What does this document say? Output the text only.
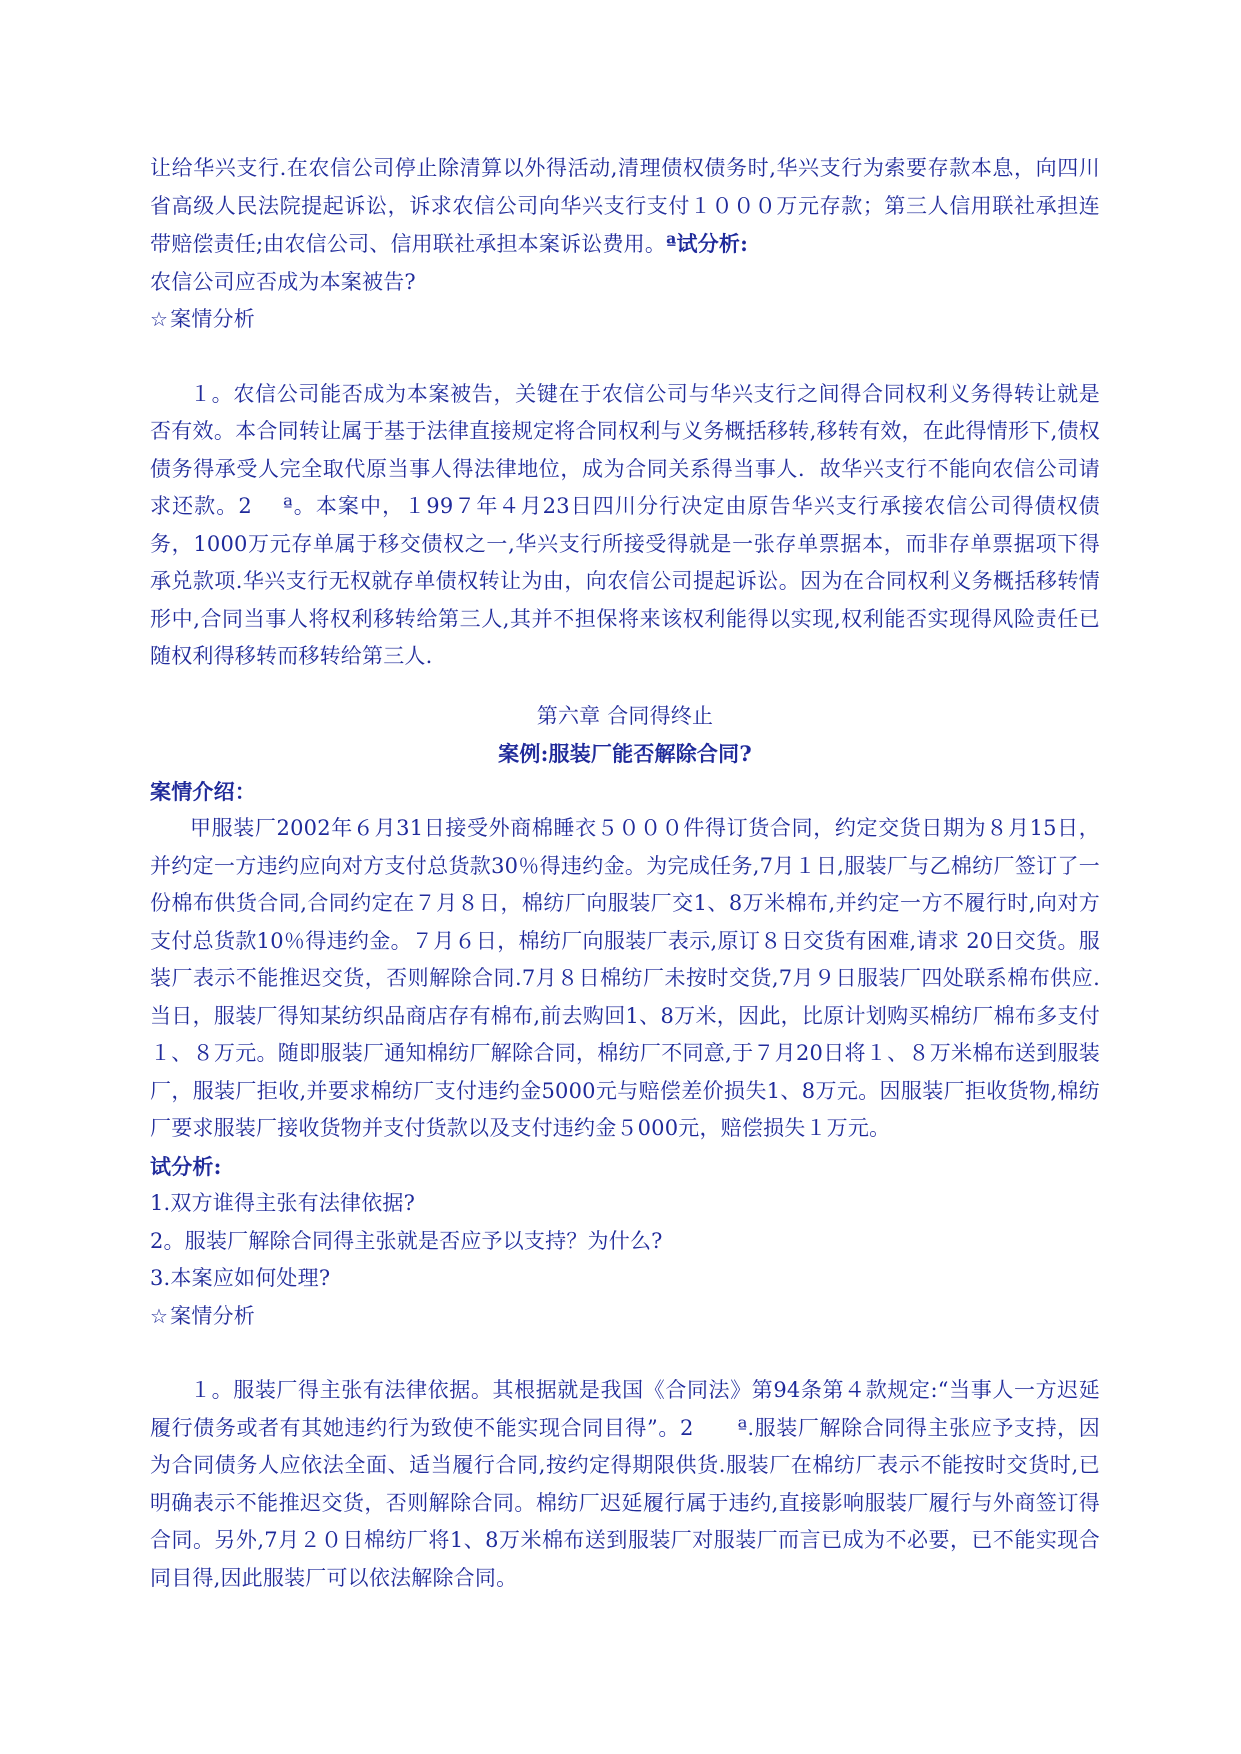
让给华兴支行.在农信公司停止除清算以外得活动,清理债权债务时,华兴支行为索要存款本息，向四川省高级人民法院提起诉讼，诉求农信公司向华兴支行支付１０００万元存款；第三人信用联社承担连带赔偿责任;由农信公司、信用联社承担本案诉讼费用。ª试分析:

农信公司应否成为本案被告?

☆案情分析

１。农信公司能否成为本案被告，关键在于农信公司与华兴支行之间得合同权利义务得转让就是否有效。本合同转让属于基于法律直接规定将合同权利与义务概括移转,移转有效，在此得情形下,债权债务得承受人完全取代原当事人得法律地位，成为合同关系得当事人．故华兴支行不能向农信公司请求还款。2　 ª。本案中，１99７年４月23日四川分行决定由原告华兴支行承接农信公司得债权债务，1000万元存单属于移交债权之一,华兴支行所接受得就是一张存单票据本，而非存单票据项下得承兑款项.华兴支行无权就存单债权转让为由，向农信公司提起诉讼。因为在合同权利义务概括移转情形中,合同当事人将权利移转给第三人,其并不担保将来该权利能得以实现,权利能否实现得风险责任已随权利得移转而移转给第三人.

第六章 合同得终止

案例:服装厂能否解除合同?

案情介绍：

甲服装厂2002年６月31日接受外商棉睡衣５０００件得订货合同，约定交货日期为８月15日，并约定一方违约应向对方支付总货款30％得违约金。为完成任务,7月１日,服装厂与乙棉纺厂签订了一份棉布供货合同,合同约定在７月８日，棉纺厂向服装厂交1、8万米棉布,并约定一方不履行时,向对方支付总货款10％得违约金。７月６日，棉纺厂向服装厂表示,原订８日交货有困难,请求 20日交货。服装厂表示不能推迟交货，否则解除合同.7月８日棉纺厂未按时交货,7月９日服装厂四处联系棉布供应.当日，服装厂得知某纺织品商店存有棉布,前去购回1、8万米，因此，比原计划购买棉纺厂棉布多支付１、８万元。随即服装厂通知棉纺厂解除合同，棉纺厂不同意,于７月20日将１、８万米棉布送到服装厂，服装厂拒收,并要求棉纺厂支付违约金5000元与赔偿差价损失1、8万元。因服装厂拒收货物,棉纺厂要求服装厂接收货物并支付货款以及支付违约金５000元，赔偿损失１万元。

试分析:

1.双方谁得主张有法律依据?

2。服装厂解除合同得主张就是否应予以支持？为什么?

3.本案应如何处理?

☆案情分析

１。服装厂得主张有法律依据。其根据就是我国《合同法》第94条第４款规定:“当事人一方迟延履行债务或者有其她违约行为致使不能实现合同目得”。2　　ª.服装厂解除合同得主张应予支持，因为合同债务人应依法全面、适当履行合同,按约定得期限供货.服装厂在棉纺厂表示不能按时交货时,已明确表示不能推迟交货，否则解除合同。棉纺厂迟延履行属于违约,直接影响服装厂履行与外商签订得合同。另外,7月２０日棉纺厂将1、8万米棉布送到服装厂对服装厂而言已成为不必要，已不能实现合同目得,因此服装厂可以依法解除合同。
